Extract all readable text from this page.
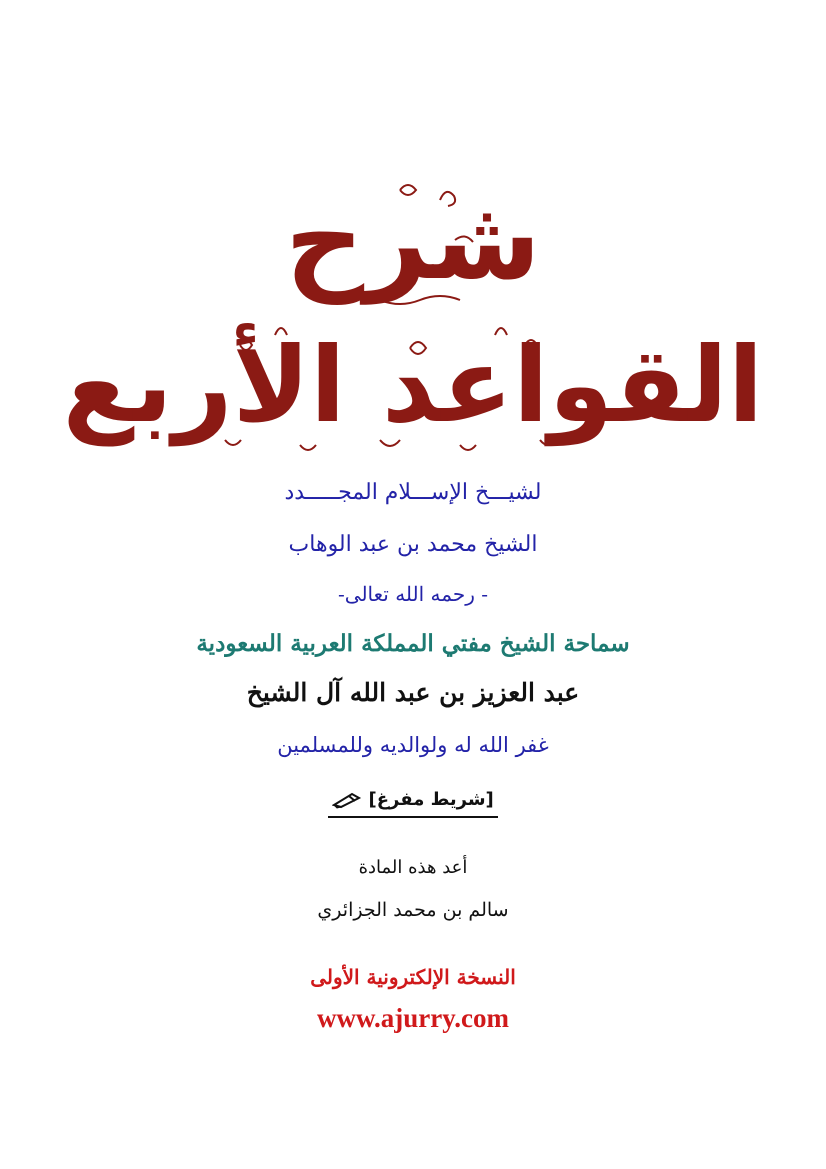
شرح
القواعد الأربع
لشيـــخ الإســـلام المجـــــدد
الشيخ محمد بن عبد الوهاب
- رحمه الله تعالى-
سماحة الشيخ مفتي المملكة العربية السعودية
عبد العزيز بن عبد الله آل الشيخ
غفر الله له ولوالديه وللمسلمين
[شريط مفرغ]
أعد هذه المادة
سالم بن محمد الجزائري
النسخة الإلكترونية الأولى
www.ajurry.com
